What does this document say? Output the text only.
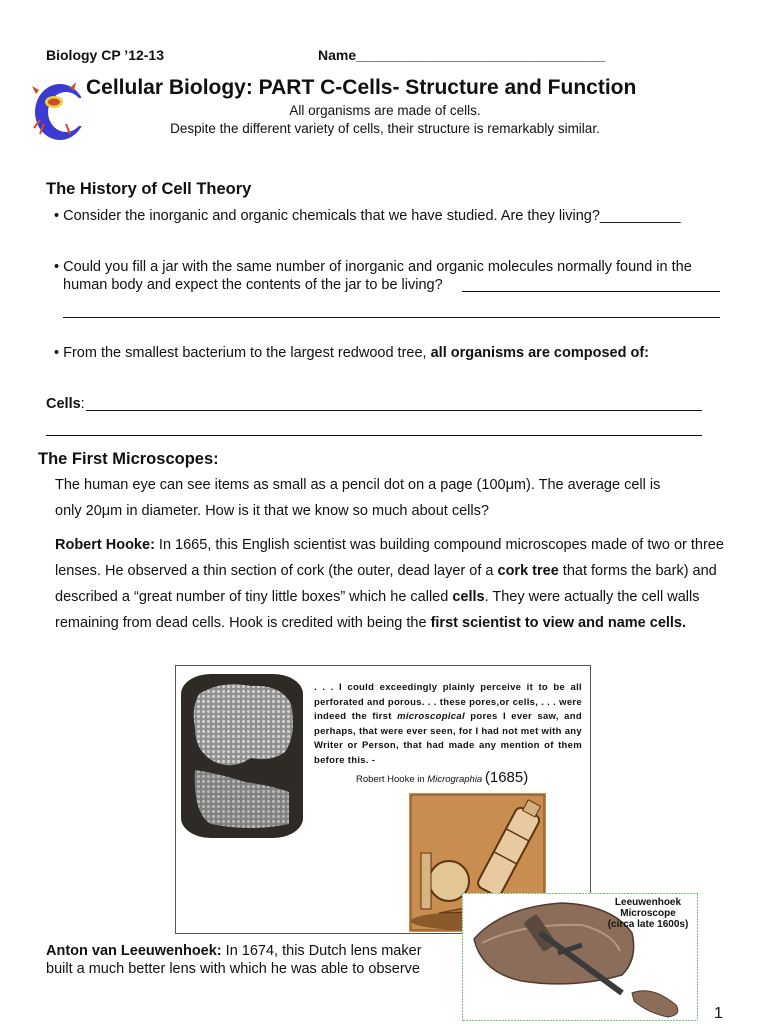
Biology CP ’12-13	Name________________________________
Cellular Biology: PART C-Cells- Structure and Function
All organisms are made of cells.
Despite the different variety of cells, their structure is remarkably similar.
The History of Cell Theory
• Consider the inorganic and organic chemicals that we have studied. Are they living?__________
• Could you fill a jar with the same number of inorganic and organic molecules normally found in the
human body and expect the contents of the jar to be living?
• From the smallest bacterium to the largest redwood tree, all organisms are composed of:
Cells:
The First Microscopes:
The human eye can see items as small as a pencil dot on a page (100μm). The average cell is
only 20μm in diameter. How is it that we know so much about cells?
Robert Hooke: In 1665, this English scientist was building compound microscopes made of two or three lenses. He observed a thin section of cork (the outer, dead layer of a cork tree that forms the bark) and described a “great number of tiny little boxes” which he called cells. They were actually the cell walls remaining from dead cells. Hook is credited with being the first scientist to view and name cells.
. . . I could exceedingly plainly perceive it to be all perforated and porous. . . these pores,or cells, . . . were indeed the first microscopical pores I ever saw, and perhaps, that were ever seen, for I had not met with any Writer or Person, that had made any mention of them before this. -
Robert Hooke in Micrographia (1685)
Leeuwenhoek
Microscope
(circa late 1600s)
Anton van Leeuwenhoek: In 1674, this Dutch lens maker
built a much better lens with which he was able to observe
1
